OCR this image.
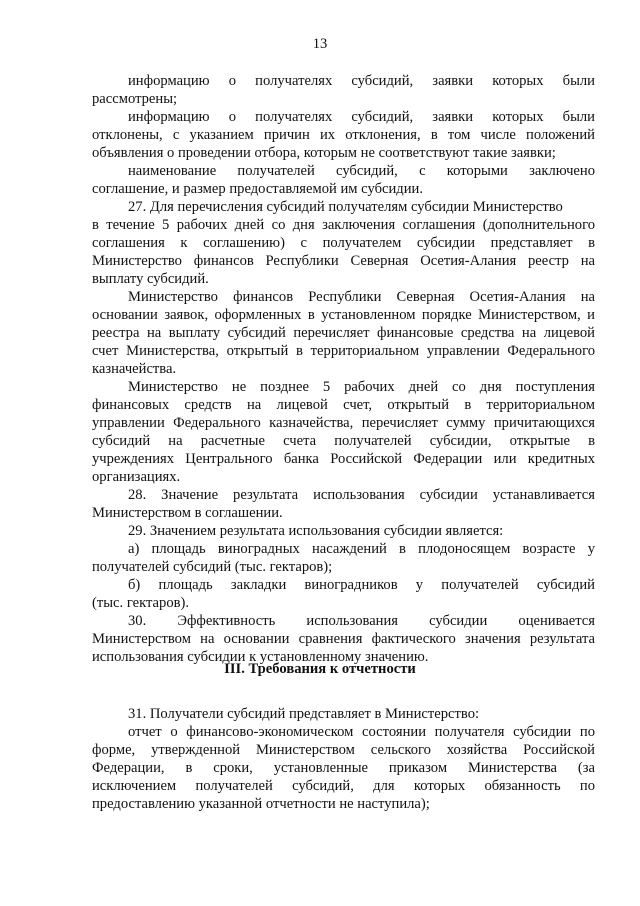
13
информацию о получателях субсидий, заявки которых были
рассмотрены;
информацию о получателях субсидий, заявки которых были
отклонены, с указанием причин их отклонения, в том числе положений
объявления о проведении отбора, которым не соответствуют такие заявки;
наименование получателей субсидий, с которыми заключено
соглашение, и размер предоставляемой им субсидии.
27. Для перечисления субсидий получателям субсидии Министерство
в течение 5 рабочих дней со дня заключения соглашения (дополнительного
соглашения к соглашению) с получателем субсидии представляет в
Министерство финансов Республики Северная Осетия-Алания реестр на
выплату субсидий.
Министерство финансов Республики Северная Осетия-Алания на
основании заявок, оформленных в установленном порядке Министерством, и
реестра на выплату субсидий перечисляет финансовые средства на лицевой
счет Министерства, открытый в территориальном управлении Федерального
казначейства.
Министерство не позднее 5 рабочих дней со дня поступления
финансовых средств на лицевой счет, открытый в территориальном
управлении Федерального казначейства, перечисляет сумму причитающихся
субсидий на расчетные счета получателей субсидии, открытые в
учреждениях Центрального банка Российской Федерации или кредитных
организациях.
28. Значение результата использования субсидии устанавливается
Министерством в соглашении.
29. Значением результата использования субсидии является:
а) площадь виноградных насаждений в плодоносящем возрасте у
получателей субсидий (тыс. гектаров);
б) площадь закладки виноградников у получателей субсидий
(тыс. гектаров).
30. Эффективность использования субсидии оценивается
Министерством на основании сравнения фактического значения результата
использования субсидии к установленному значению.
III. Требования к отчетности
31. Получатели субсидий представляет в Министерство:
отчет о финансово-экономическом состоянии получателя субсидии по
форме, утвержденной Министерством сельского хозяйства Российской
Федерации, в сроки, установленные приказом Министерства (за
исключением получателей субсидий, для которых обязанность по
предоставлению указанной отчетности не наступила);
